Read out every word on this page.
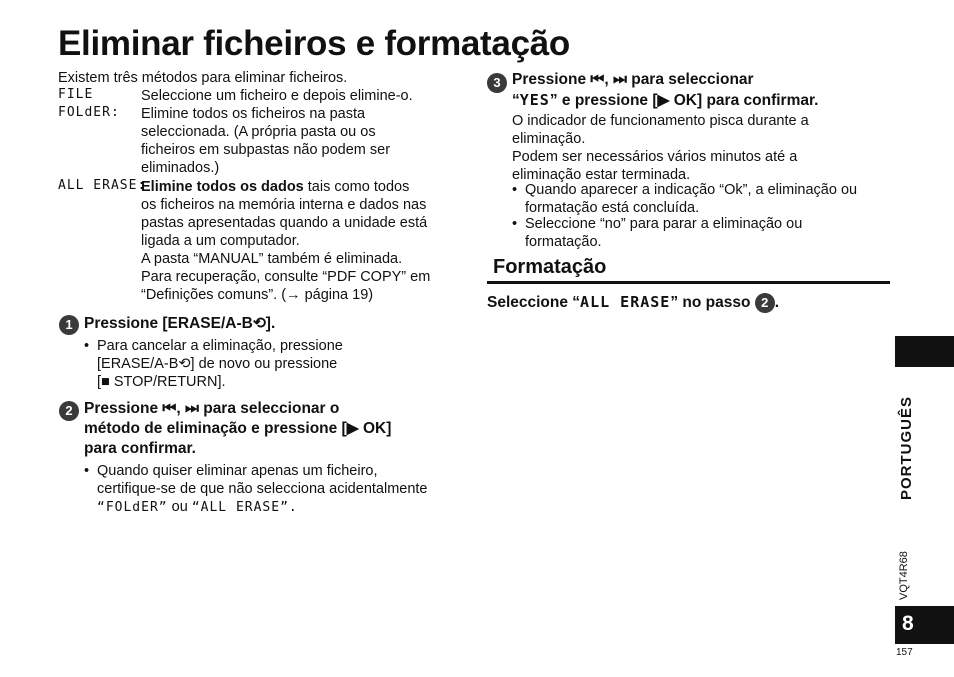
Eliminar ficheiros e formatação
Existem três métodos para eliminar ficheiros.
FILE	Seleccione um ficheiro e depois elimine-o.
FOLdER: Elimine todos os ficheiros na pasta
seleccionada. (A própria pasta ou os
ficheiros em subpastas não podem ser
eliminados.)
ALL ERASE:
Elimine todos os dados tais como todos
os ficheiros na memória interna e dados nas
pastas apresentadas quando a unidade está
ligada a um computador.
A pasta “MANUAL” também é eliminada.
Para recuperação, consulte “PDF COPY” em
“Definições comuns”. (→ página 19)
1 Pressione [ERASE/A-B⟲].
• Para cancelar a eliminação, pressione
[ERASE/A-B⟲] de novo ou pressione
[■ STOP/RETURN].
2 Pressione ⏮, ⏭ para seleccionar o
método de eliminação e pressione [▶ OK]
para confirmar.
• Quando quiser eliminar apenas um ficheiro,
certifique-se de que não selecciona acidentalmente
“FOLdER” ou “ALL ERASE”.
3 Pressione ⏮, ⏭ para seleccionar
“YES” e pressione [▶ OK] para confirmar.
O indicador de funcionamento pisca durante a
eliminação.
Podem ser necessários vários minutos até a
eliminação estar terminada.
• Quando aparecer a indicação “Ok”, a eliminação ou
formatação está concluída.
• Seleccione “no” para parar a eliminação ou
formatação.
Formatação
Seleccione “ALL ERASE” no passo 2 .
PORTUGUÊS
VQT4R68
8
157
